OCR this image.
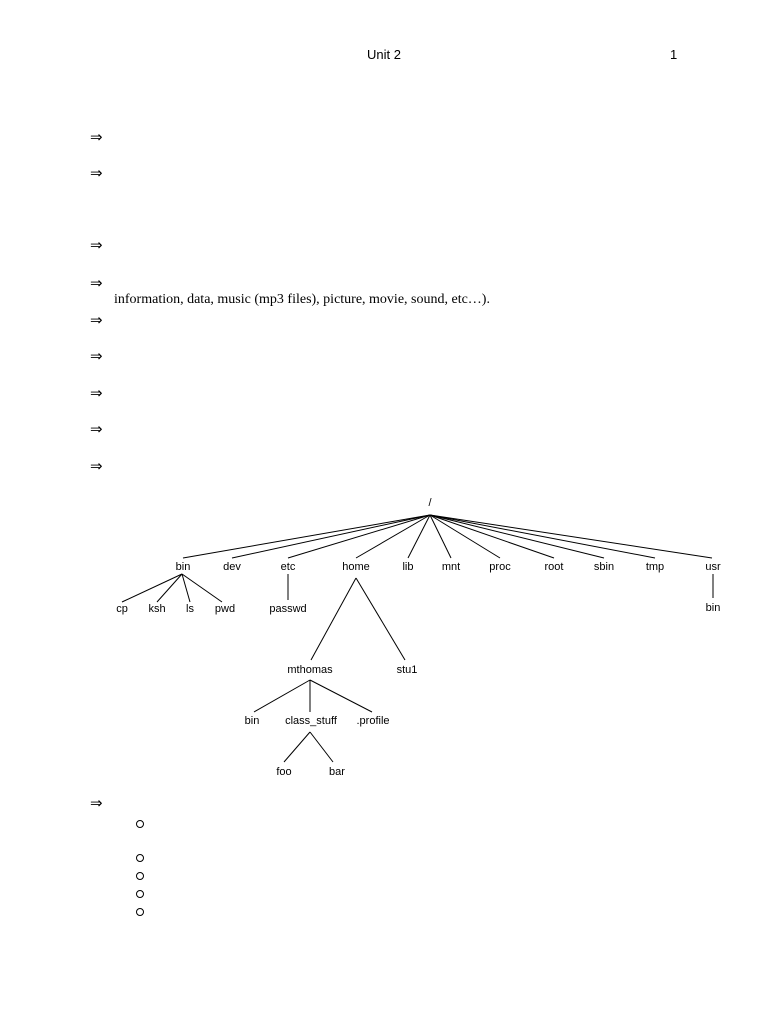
Unit 2	1
⇒
⇒
⇒
⇒
information, data, music (mp3 files), picture, movie, sound, etc…).
⇒
⇒
⇒
⇒
⇒
/
bin	dev	etc	home	lib	mnt	proc	root	sbin	tmp	usr
cp ksh ls pwd	passwd	bin
mthomas	stu1
bin class_stuff .profile
foo	bar
⇒
